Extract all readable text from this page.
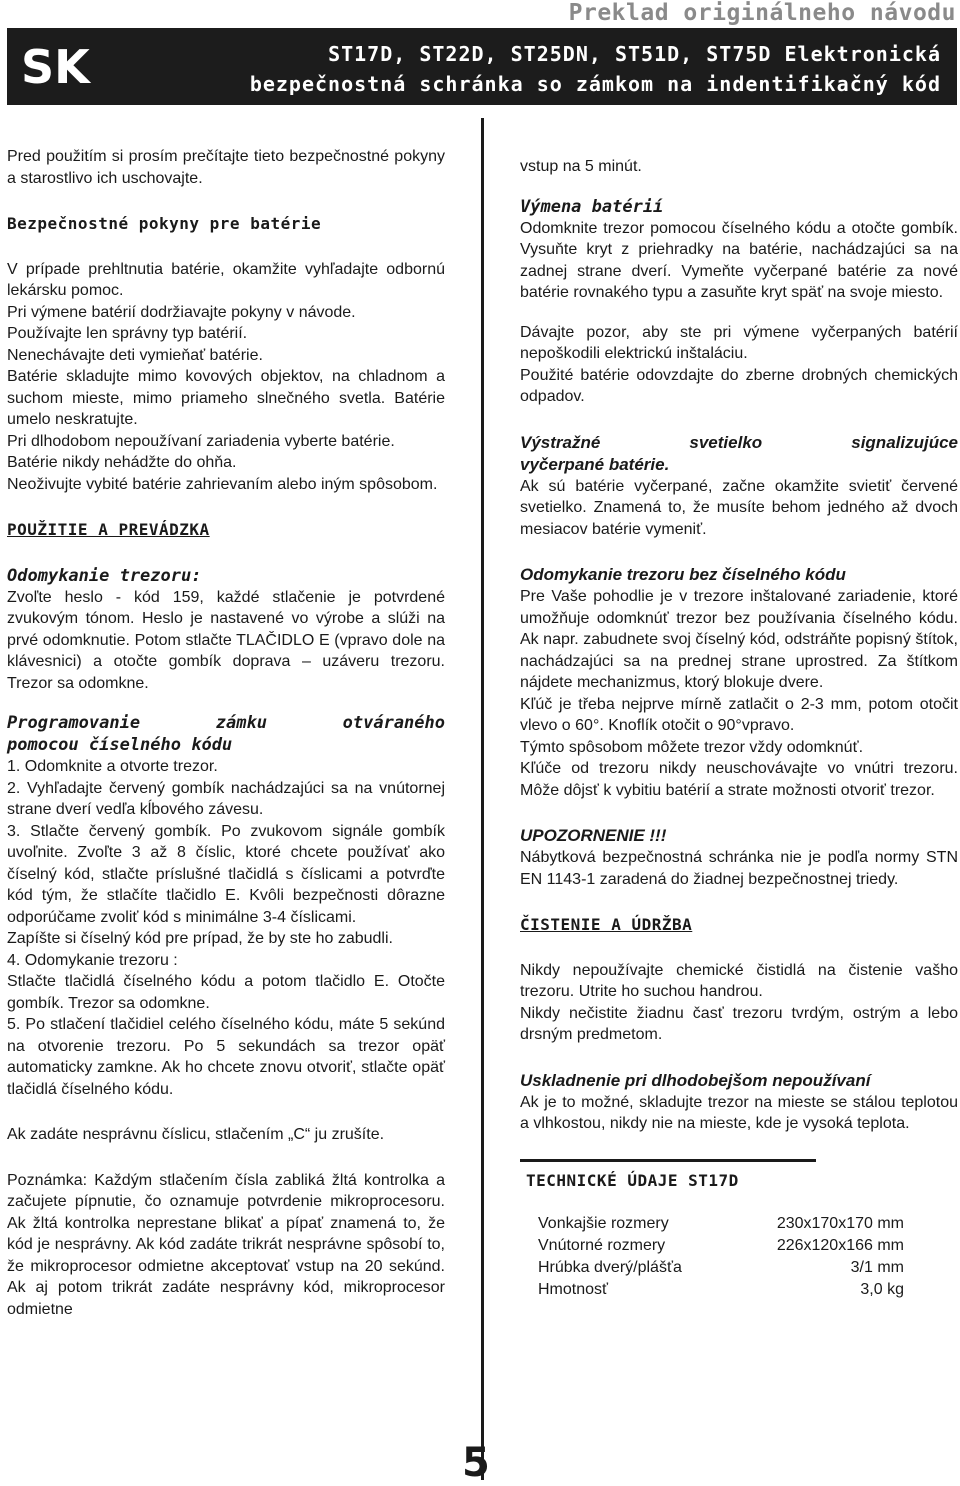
Preklad originálneho návodu
SK	ST17D, ST22D, ST25DN, ST51D, ST75D Elektronická
bezpečnostná schránka so zámkom na indentifikačný kód

Pred použitím si prosím prečítajte tieto bezpečnostné pokyny a starostlivo ich uschovajte.

Bezpečnostné pokyny pre batérie

V prípade prehltnutia batérie, okamžite vyhľadajte odbornú lekársku pomoc.

Pri výmene batérií dodržiavajte pokyny v návode.

Používajte len správny typ batérií.

Nenechávajte deti vymieňať batérie.

Batérie skladujte mimo kovových objektov, na chladnom a suchom mieste, mimo priameho slnečného svetla. Batérie umelo neskratujte.

Pri dlhodobom nepoužívaní zariadenia vyberte batérie.

Batérie nikdy nehádžte do ohňa.

Neoživujte vybité batérie zahrievaním alebo iným spôsobom.

POUŽITIE A PREVÁDZKA

Odomykanie trezoru:

Zvoľte heslo - kód 159, každé stlačenie je potvrdené zvukovým tónom. Heslo je nastavené vo výrobe a slúži na prvé odomknutie. Potom stlačte TLAČIDLO E (vpravo dole na klávesnici) a otočte gombík doprava – uzáveru trezoru. Trezor sa odomkne.

Programovanie zámku otváraného

pomocou číselného kódu

1. Odomknite a otvorte trezor.

2. Vyhľadajte červený gombík nachádzajúci sa na vnútornej strane dverí vedľa kĺbového závesu.

3. Stlačte červený gombík. Po zvukovom signále gombík uvoľnite. Zvoľte 3 až 8 číslic, ktoré chcete používať ako číselný kód, stlačte príslušné tlačidlá s číslicami a potvrďte kód tým, že stlačíte tlačidlo E. Kvôli bezpečnosti dôrazne odporúčame zvoliť kód s minimálne 3-4 číslicami.

Zapíšte si číselný kód pre prípad, že by ste ho zabudli.

4. Odomykanie trezoru :

Stlačte tlačidlá číselného kódu a potom tlačidlo E. Otočte gombík. Trezor sa odomkne.

5. Po stlačení tlačidiel celého číselného kódu, máte 5 sekúnd na otvorenie trezoru. Po 5 sekundách sa trezor opäť automaticky zamkne. Ak ho chcete znovu otvoriť, stlačte opäť tlačidlá číselného kódu.

Ak zadáte nesprávnu číslicu, stlačením „C“ ju zrušíte.

Poznámka: Každým stlačením čísla zabliká žltá kontrolka a začujete pípnutie, čo oznamuje potvrdenie mikroprocesoru. Ak žltá kontrolka neprestane blikať a pípať znamená to, že kód je nesprávny. Ak kód zadáte trikrát nesprávne spôsobí to, že mikroprocesor odmietne akceptovať vstup na 20 sekúnd. Ak aj potom trikrát zadáte nesprávny kód, mikroprocesor odmietne

vstup na 5 minút.

Výmena batérií

Odomknite trezor pomocou číselného kódu a otočte gombík. Vysuňte kryt z priehradky na batérie, nachádzajúci sa na zadnej strane dverí. Vymeňte vyčerpané batérie za nové batérie rovnakého typu a zasuňte kryt späť na svoje miesto.

Dávajte pozor, aby ste pri výmene vyčerpaných batérií nepoškodili elektrickú inštaláciu.

Použité batérie odovzdajte do zberne drobných chemických odpadov.

Výstražné svetielko signalizujúce

vyčerpané batérie.

Ak sú batérie vyčerpané, začne okamžite svietiť červené svetielko. Znamená to, že musíte behom jedného až dvoch mesiacov batérie vymeniť.

Odomykanie trezoru bez číselného kódu

Pre Vaše pohodlie je v trezore inštalované zariadenie, ktoré umožňuje odomknúť trezor bez používania číselného kódu. Ak napr. zabudnete svoj číselný kód, odstráňte popisný štítok, nachádzajúci sa na prednej strane uprostred. Za štítkom nájdete mechanizmus, ktorý blokuje dvere.

Kľúč je třeba nejprve mírně zatlačit o 2-3 mm, potom otočit vlevo o 60°. Knoflík otočit o 90°vpravo.

Týmto spôsobom môžete trezor vždy odomknúť.

Kľúče od trezoru nikdy neuschovávajte vo vnútri trezoru. Môže dôjsť k vybitiu batérií a strate možnosti otvoriť trezor.

UPOZORNENIE !!!

Nábytková bezpečnostná schránka nie je podľa normy STN EN 1143-1 zaradená do žiadnej bezpečnostnej triedy.

ČISTENIE A ÚDRŽBA

Nikdy nepoužívajte chemické čistidlá na čistenie vašho trezoru. Utrite ho suchou handrou.

Nikdy nečistite žiadnu časť trezoru tvrdým, ostrým a lebo drsným predmetom.

Uskladnenie pri dlhodobejšom nepoužívaní

Ak je to možné, skladujte trezor na mieste se stálou teplotou a vlhkostou, nikdy nie na mieste, kde je vysoká teplota.

TECHNICKÉ ÚDAJE ST17D

Vonkajšie rozmery	230x170x170 mm
Vnútorné rozmery	226x120x166 mm
Hrúbka dverý/plášťa	3/1 mm
Hmotnosť	3,0 kg
5
